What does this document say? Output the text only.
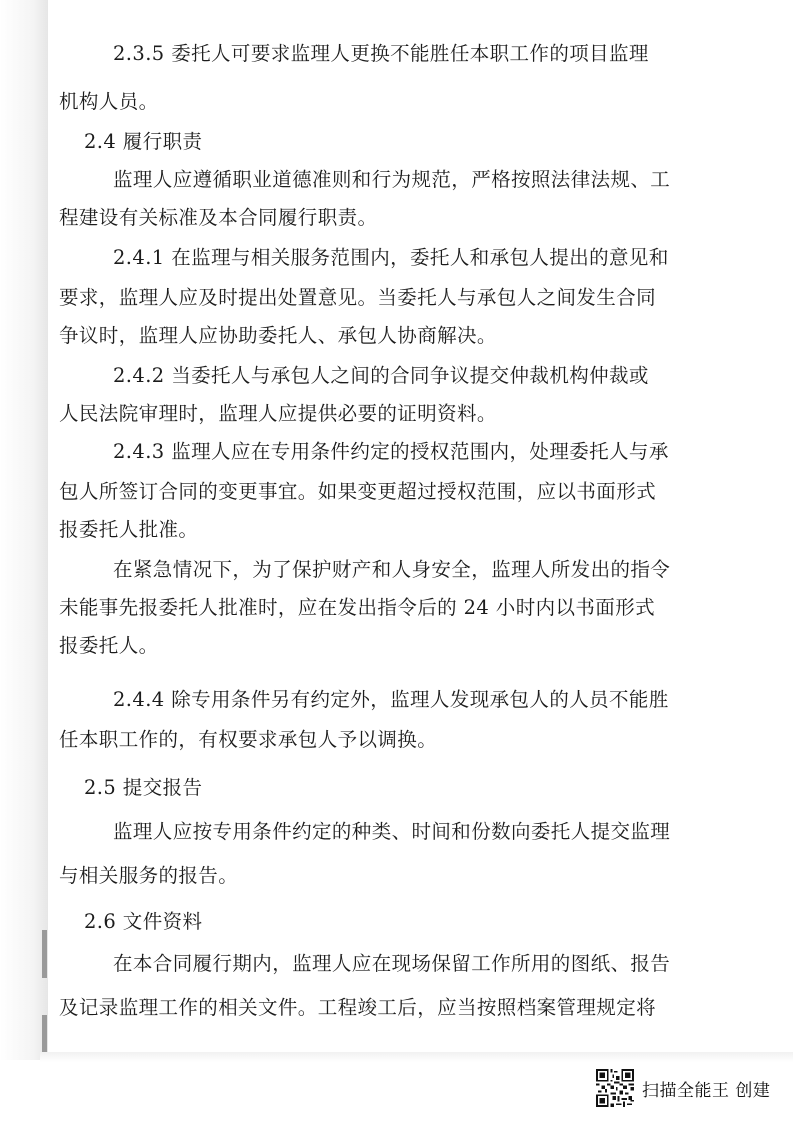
2.3.5 委托人可要求监理人更换不能胜任本职工作的项目监理
机构人员。
2.4 履行职责
监理人应遵循职业道德准则和行为规范，严格按照法律法规、工
程建设有关标准及本合同履行职责。
2.4.1 在监理与相关服务范围内，委托人和承包人提出的意见和
要求，监理人应及时提出处置意见。当委托人与承包人之间发生合同
争议时，监理人应协助委托人、承包人协商解决。
2.4.2 当委托人与承包人之间的合同争议提交仲裁机构仲裁或
人民法院审理时，监理人应提供必要的证明资料。
2.4.3 监理人应在专用条件约定的授权范围内，处理委托人与承
包人所签订合同的变更事宜。如果变更超过授权范围，应以书面形式
报委托人批准。
在紧急情况下，为了保护财产和人身安全，监理人所发出的指令
未能事先报委托人批准时，应在发出指令后的 24 小时内以书面形式
报委托人。
2.4.4 除专用条件另有约定外，监理人发现承包人的人员不能胜
任本职工作的，有权要求承包人予以调换。
2.5 提交报告
监理人应按专用条件约定的种类、时间和份数向委托人提交监理
与相关服务的报告。
2.6 文件资料
在本合同履行期内，监理人应在现场保留工作所用的图纸、报告
及记录监理工作的相关文件。工程竣工后，应当按照档案管理规定将
扫描全能王 创建
